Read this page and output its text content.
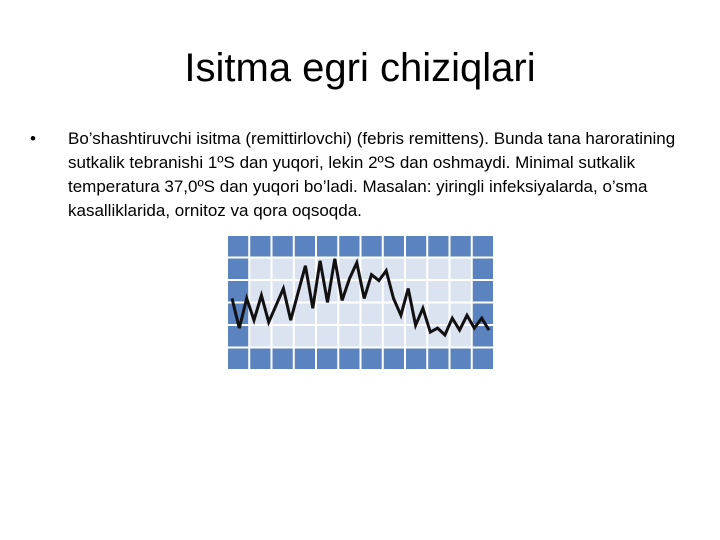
Isitma egri chiziqlari
•	Bo’shashtiruvchi isitma (remittirlovchi) (febris remittens). Bunda tana haroratining sutkalik tebranishi 1ºS dan yuqori, lekin 2ºS dan oshmaydi. Minimal sutkalik temperatura 37,0ºS dan yuqori bo’ladi. Masalan: yiringli infeksiyalarda, o’sma kasalliklarida, ornitoz va qora oqsoqda.
